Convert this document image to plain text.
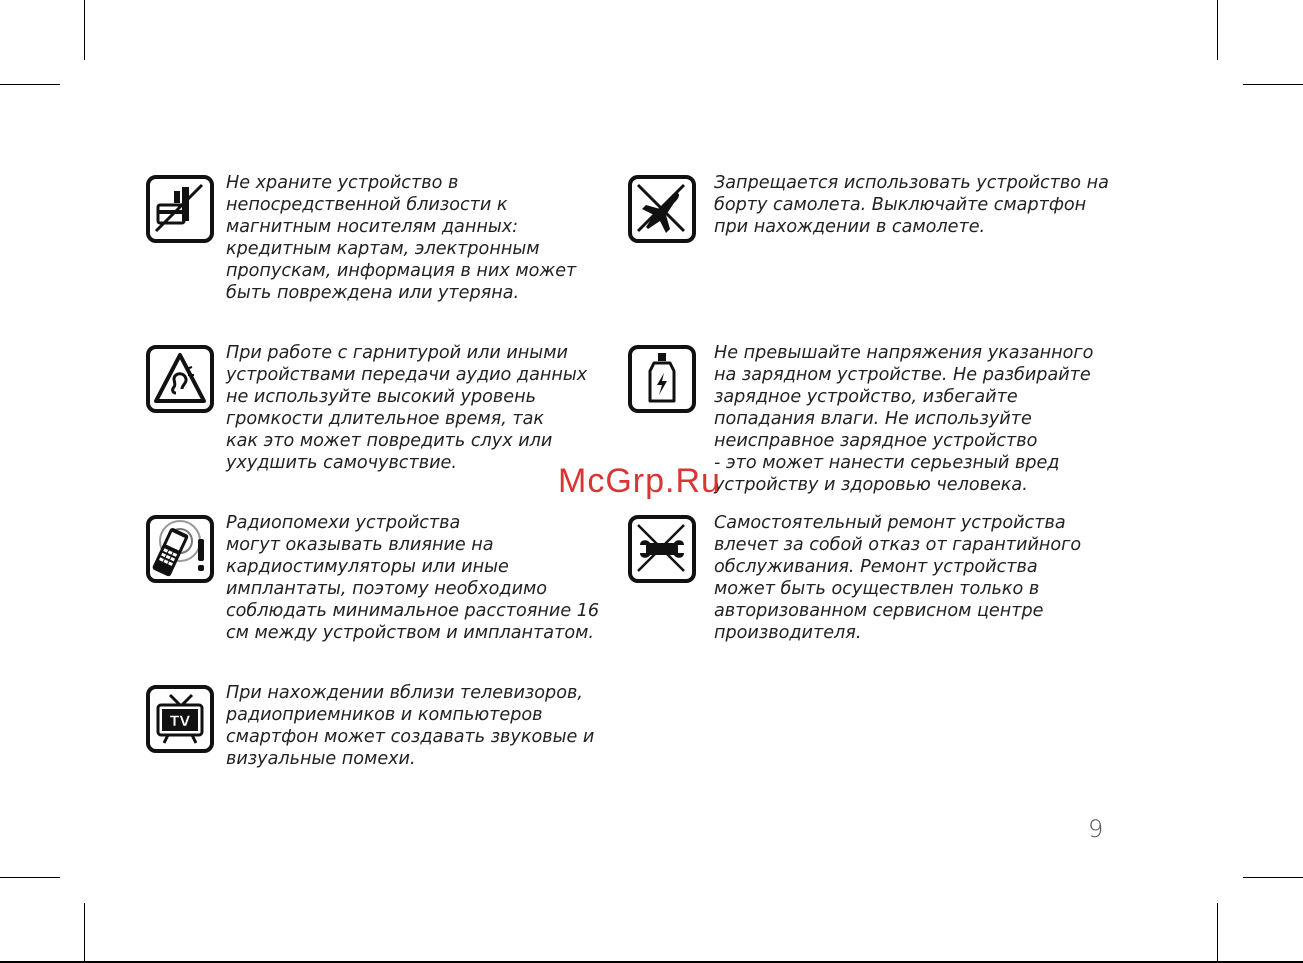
Не храните устройство в
непосредственной близости к
магнитным носителям данных:
кредитным картам, электронным
пропускам, информация в них может
быть повреждена или утеряна.
Запрещается использовать устройство на
борту самолета. Выключайте смартфон
при нахождении в самолете.
При работе с гарнитурой или иными
устройствами передачи аудио данных
не используйте высокий уровень
громкости длительное время, так
как это может повредить слух или
ухудшить самочувствие.
Не превышайте напряжения указанного
на зарядном устройстве. Не разбирайте
зарядное устройство, избегайте
попадания влаги. Не используйте
неисправное зарядное устройство
- это может нанести серьезный вред
устройству и здоровью человека.
Радиопомехи устройства
могут оказывать влияние на
кардиостимуляторы или иные
имплантаты, поэтому необходимо
соблюдать минимальное расстояние 16
см между устройством и имплантатом.
Самостоятельный ремонт устройства
влечет за собой отказ от гарантийного
обслуживания. Ремонт устройства
может быть осуществлен только в
авторизованном сервисном центре
производителя.
TV
При нахождении вблизи телевизоров,
радиоприемников и компьютеров
смартфон может создавать звуковые и
визуальные помехи.
9
McGrp.Ru
